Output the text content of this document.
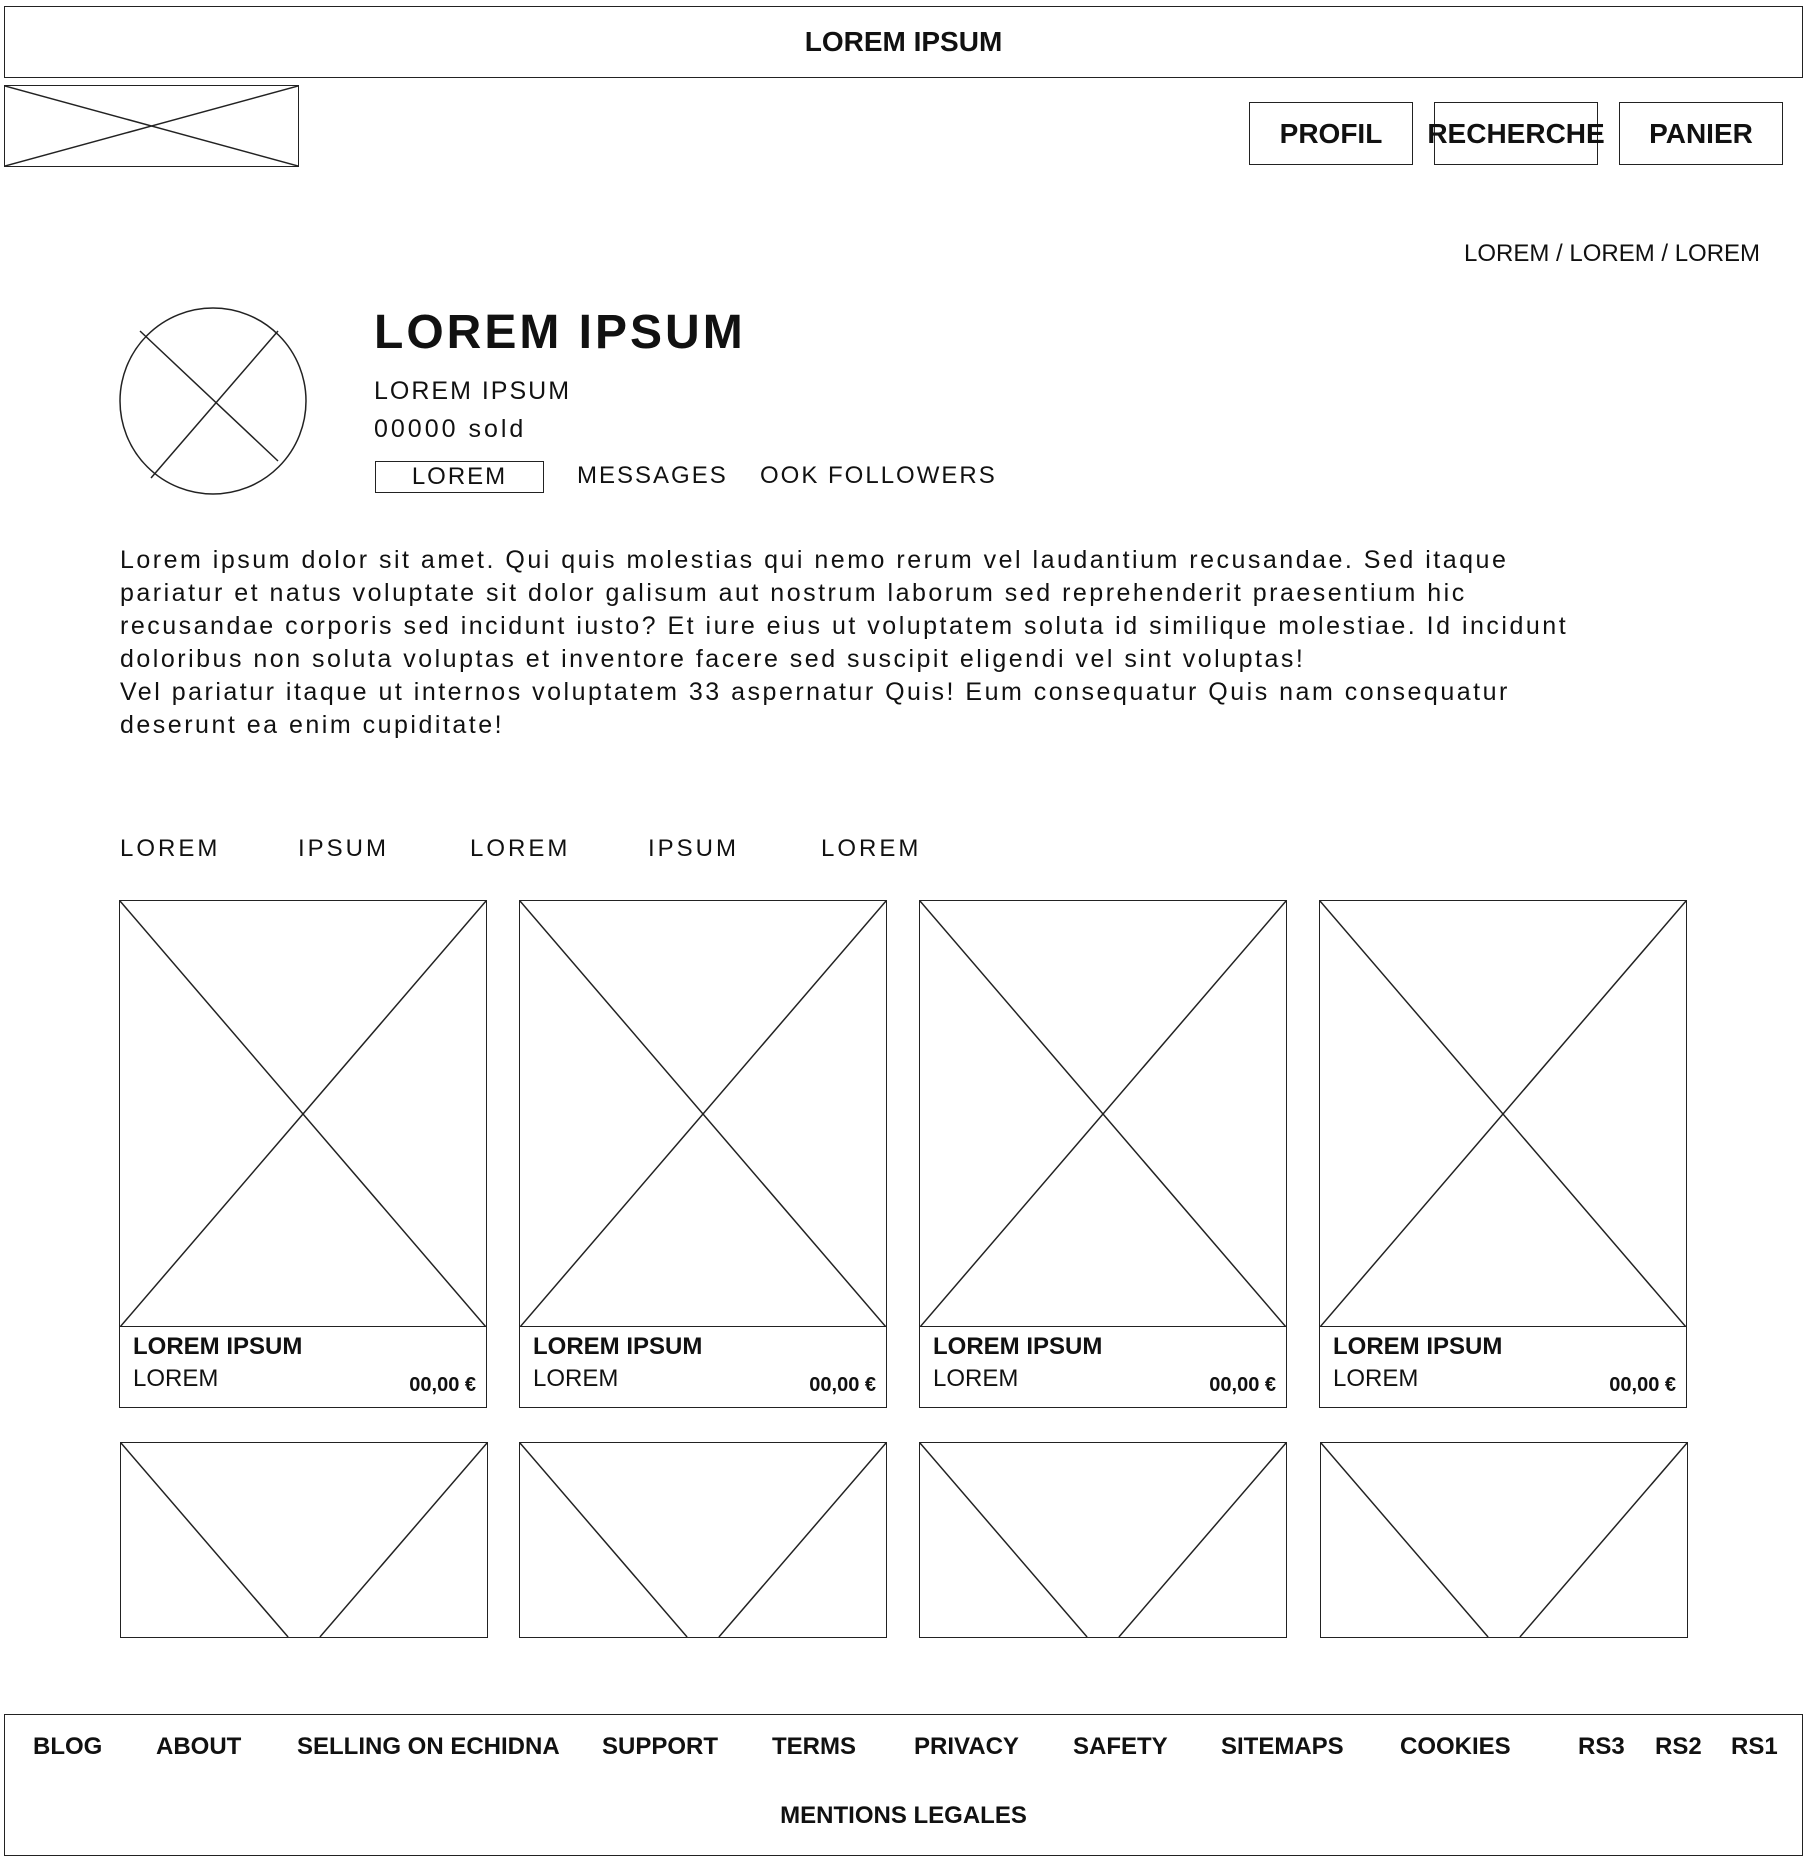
LOREM IPSUM
PROFIL RECHERCHE PANIER
LOREM / LOREM / LOREM
LOREM IPSUM
LOREM IPSUM
00000 sold
LOREM	MESSAGES OOK FOLLOWERS
Lorem ipsum dolor sit amet. Qui quis molestias qui nemo rerum vel laudantium recusandae. Sed itaque
pariatur et natus voluptate sit dolor galisum aut nostrum laborum sed reprehenderit praesentium hic
recusandae corporis sed incidunt iusto? Et iure eius ut voluptatem soluta id similique molestiae. Id incidunt
doloribus non soluta voluptas et inventore facere sed suscipit eligendi vel sint voluptas!
Vel pariatur itaque ut internos voluptatem 33 aspernatur Quis! Eum consequatur Quis nam consequatur
deserunt ea enim cupiditate!
LOREM	IPSUM	LOREM	IPSUM	LOREM
LOREM IPSUM
LOREM	00,00 €
LOREM IPSUM
LOREM	00,00 €
LOREM IPSUM
LOREM	00,00 €
LOREM IPSUM
LOREM	00,00 €
BLOG ABOUT SELLING ON ECHIDNA SUPPORT TERMS PRIVACY SAFETY SITEMAPS COOKIES	RS3 RS2 RS1
MENTIONS LEGALES
